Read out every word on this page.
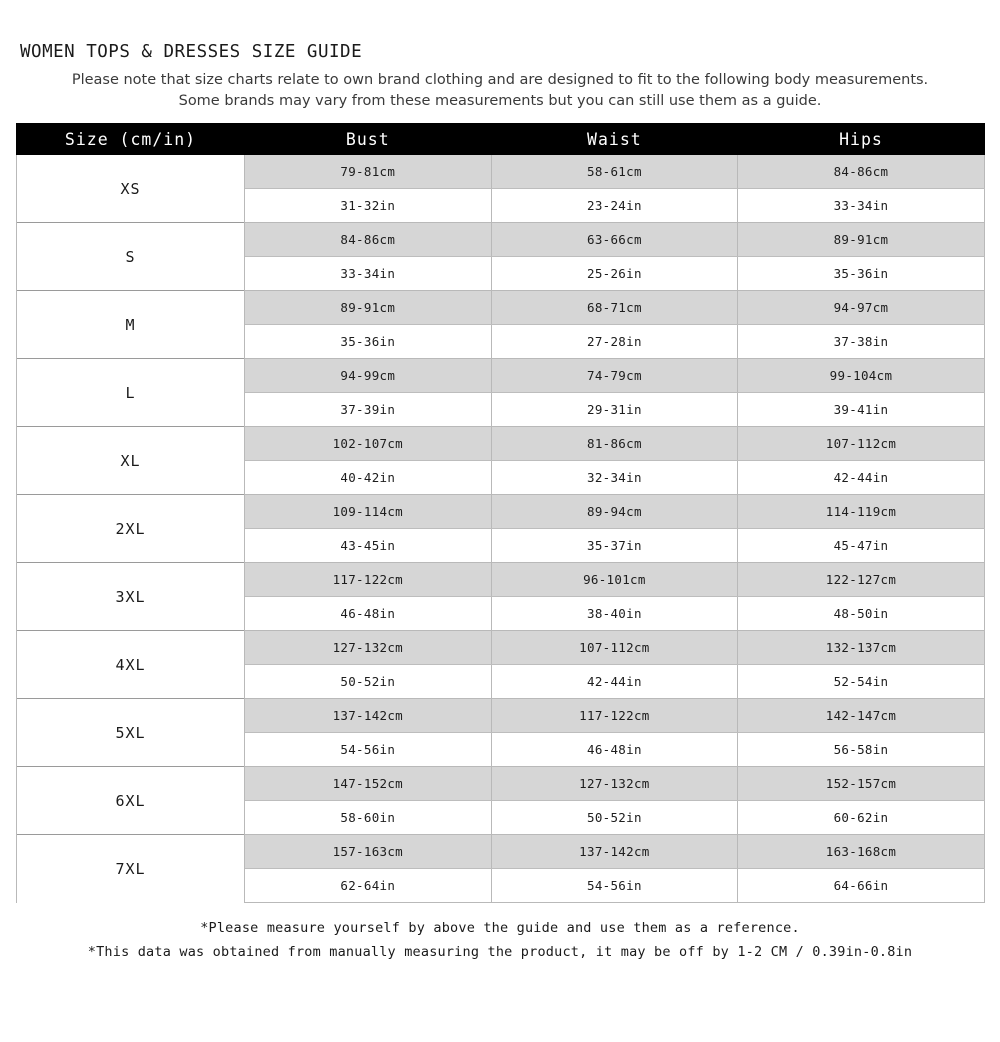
WOMEN TOPS & DRESSES SIZE GUIDE
Please note that size charts relate to own brand clothing and are designed to fit to the following body measurements.
Some brands may vary from these measurements but you can still use them as a guide.
Size (cm/in)	Bust	Waist	Hips
XS	79-81cm	58-61cm	84-86cm
	31-32in	23-24in	33-34in
S	84-86cm	63-66cm	89-91cm
	33-34in	25-26in	35-36in
M	89-91cm	68-71cm	94-97cm
	35-36in	27-28in	37-38in
L	94-99cm	74-79cm	99-104cm
	37-39in	29-31in	39-41in
XL	102-107cm	81-86cm	107-112cm
	40-42in	32-34in	42-44in
2XL	109-114cm	89-94cm	114-119cm
	43-45in	35-37in	45-47in
3XL	117-122cm	96-101cm	122-127cm
	46-48in	38-40in	48-50in
4XL	127-132cm	107-112cm	132-137cm
	50-52in	42-44in	52-54in
5XL	137-142cm	117-122cm	142-147cm
	54-56in	46-48in	56-58in
6XL	147-152cm	127-132cm	152-157cm
	58-60in	50-52in	60-62in
7XL	157-163cm	137-142cm	163-168cm
	62-64in	54-56in	64-66in
*Please measure yourself by above the guide and use them as a reference.
*This data was obtained from manually measuring the product, it may be off by 1-2 CM / 0.39in-0.8in
